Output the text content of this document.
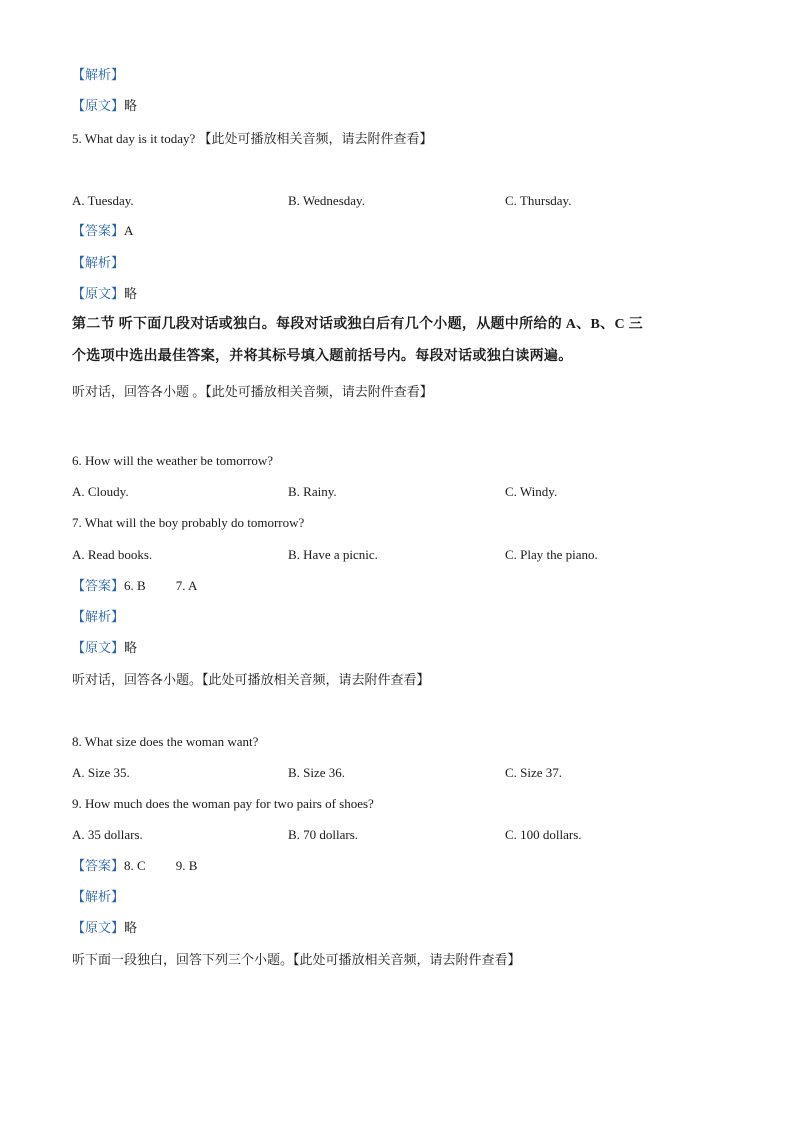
【解析】
【原文】略
5. What day is it today? 【此处可播放相关音频，请去附件查看】
A. Tuesday.	B. Wednesday.	C. Thursday.
【答案】A
【解析】
【原文】略
第二节 听下面几段对话或独白。每段对话或独白后有几个小题，从题中所给的 A、B、C 三
个选项中选出最佳答案，并将其标号填入题前括号内。每段对话或独白读两遍。
听对话，回答各小题 。【此处可播放相关音频，请去附件查看】
6. How will the weather be tomorrow?
A. Cloudy.	B. Rainy.	C. Windy.
7. What will the boy probably do tomorrow?
A. Read books.	B. Have a picnic.	C. Play the piano.
【答案】6. B 7. A
【解析】
【原文】略
听对话，回答各小题。【此处可播放相关音频，请去附件查看】
8. What size does the woman want?
A. Size 35.	B. Size 36.	C. Size 37.
9. How much does the woman pay for two pairs of shoes?
A. 35 dollars.	B. 70 dollars.	C. 100 dollars.
【答案】8. C 9. B
【解析】
【原文】略
听下面一段独白，回答下列三个小题。【此处可播放相关音频，请去附件查看】
